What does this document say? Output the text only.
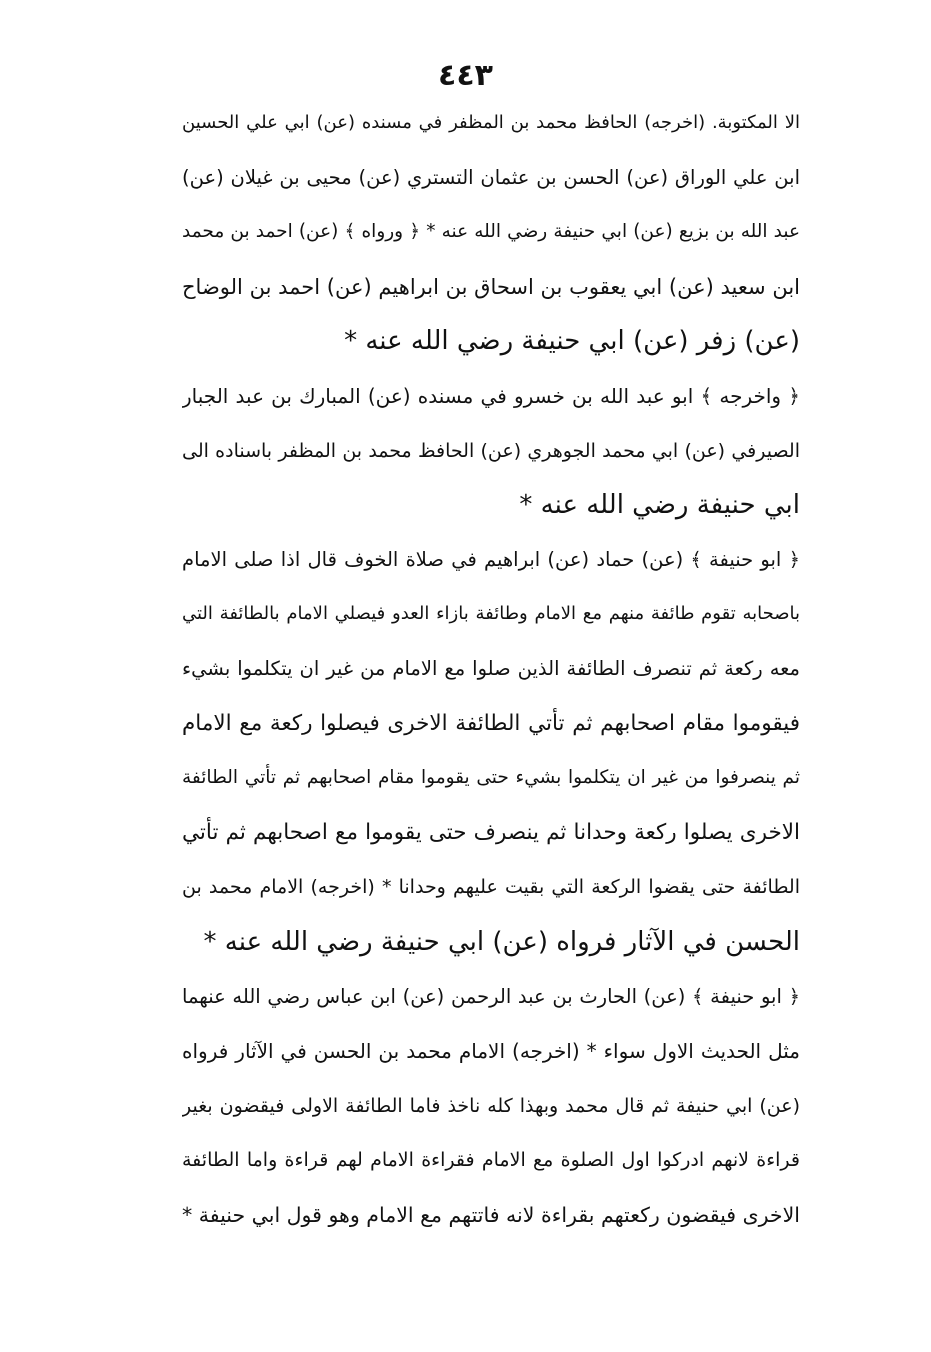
٤٤٣
الا المكتوبة. (اخرجه) الحافظ محمد بن المظفر في مسنده (عن) ابي علي الحسين
ابن علي الوراق (عن) الحسن بن عثمان التستري (عن) محيى بن غيلان (عن)
عبد الله بن بزيع (عن) ابي حنيفة رضي الله عنه * ﴿ ورواه ﴾ (عن) احمد بن محمد
ابن سعيد (عن) ابي يعقوب بن اسحاق بن ابراهيم (عن) احمد بن الوضاح
(عن) زفر (عن) ابي حنيفة رضي الله عنه *
﴿ واخرجه ﴾ ابو عبد الله بن خسرو في مسنده (عن) المبارك بن عبد الجبار
الصيرفي (عن) ابي محمد الجوهري (عن) الحافظ محمد بن المظفر باسناده الى
ابي حنيفة رضي الله عنه *
﴿ ابو حنيفة ﴾ (عن) حماد (عن) ابراهيم في صلاة الخوف قال اذا صلى الامام
باصحابه تقوم طائفة منهم مع الامام وطائفة بازاء العدو فيصلي الامام بالطائفة التي
معه ركعة ثم تنصرف الطائفة الذين صلوا مع الامام من غير ان يتكلموا بشيء
فيقوموا مقام اصحابهم ثم تأتي الطائفة الاخرى فيصلوا ركعة مع الامام
ثم ينصرفوا من غير ان يتكلموا بشيء حتى يقوموا مقام اصحابهم ثم تأتي الطائفة
الاخرى يصلوا ركعة وحدانا ثم ينصرف حتى يقوموا مع اصحابهم ثم تأتي
الطائفة حتى يقضوا الركعة التي بقيت عليهم وحدانا * (اخرجه) الامام محمد بن
الحسن في الآثار فرواه (عن) ابي حنيفة رضي الله عنه *
﴿ ابو حنيفة ﴾ (عن) الحارث بن عبد الرحمن (عن) ابن عباس رضي الله عنهما
مثل الحديث الاول سواء * (اخرجه) الامام محمد بن الحسن في الآثار فرواه
(عن) ابي حنيفة ثم قال محمد وبهذا كله ناخذ فاما الطائفة الاولى فيقضون بغير
قراءة لانهم ادركوا اول الصلوة مع الامام فقراءة الامام لهم قراءة واما الطائفة
الاخرى فيقضون ركعتهم بقراءة لانه فاتتهم مع الامام وهو قول ابي حنيفة *
